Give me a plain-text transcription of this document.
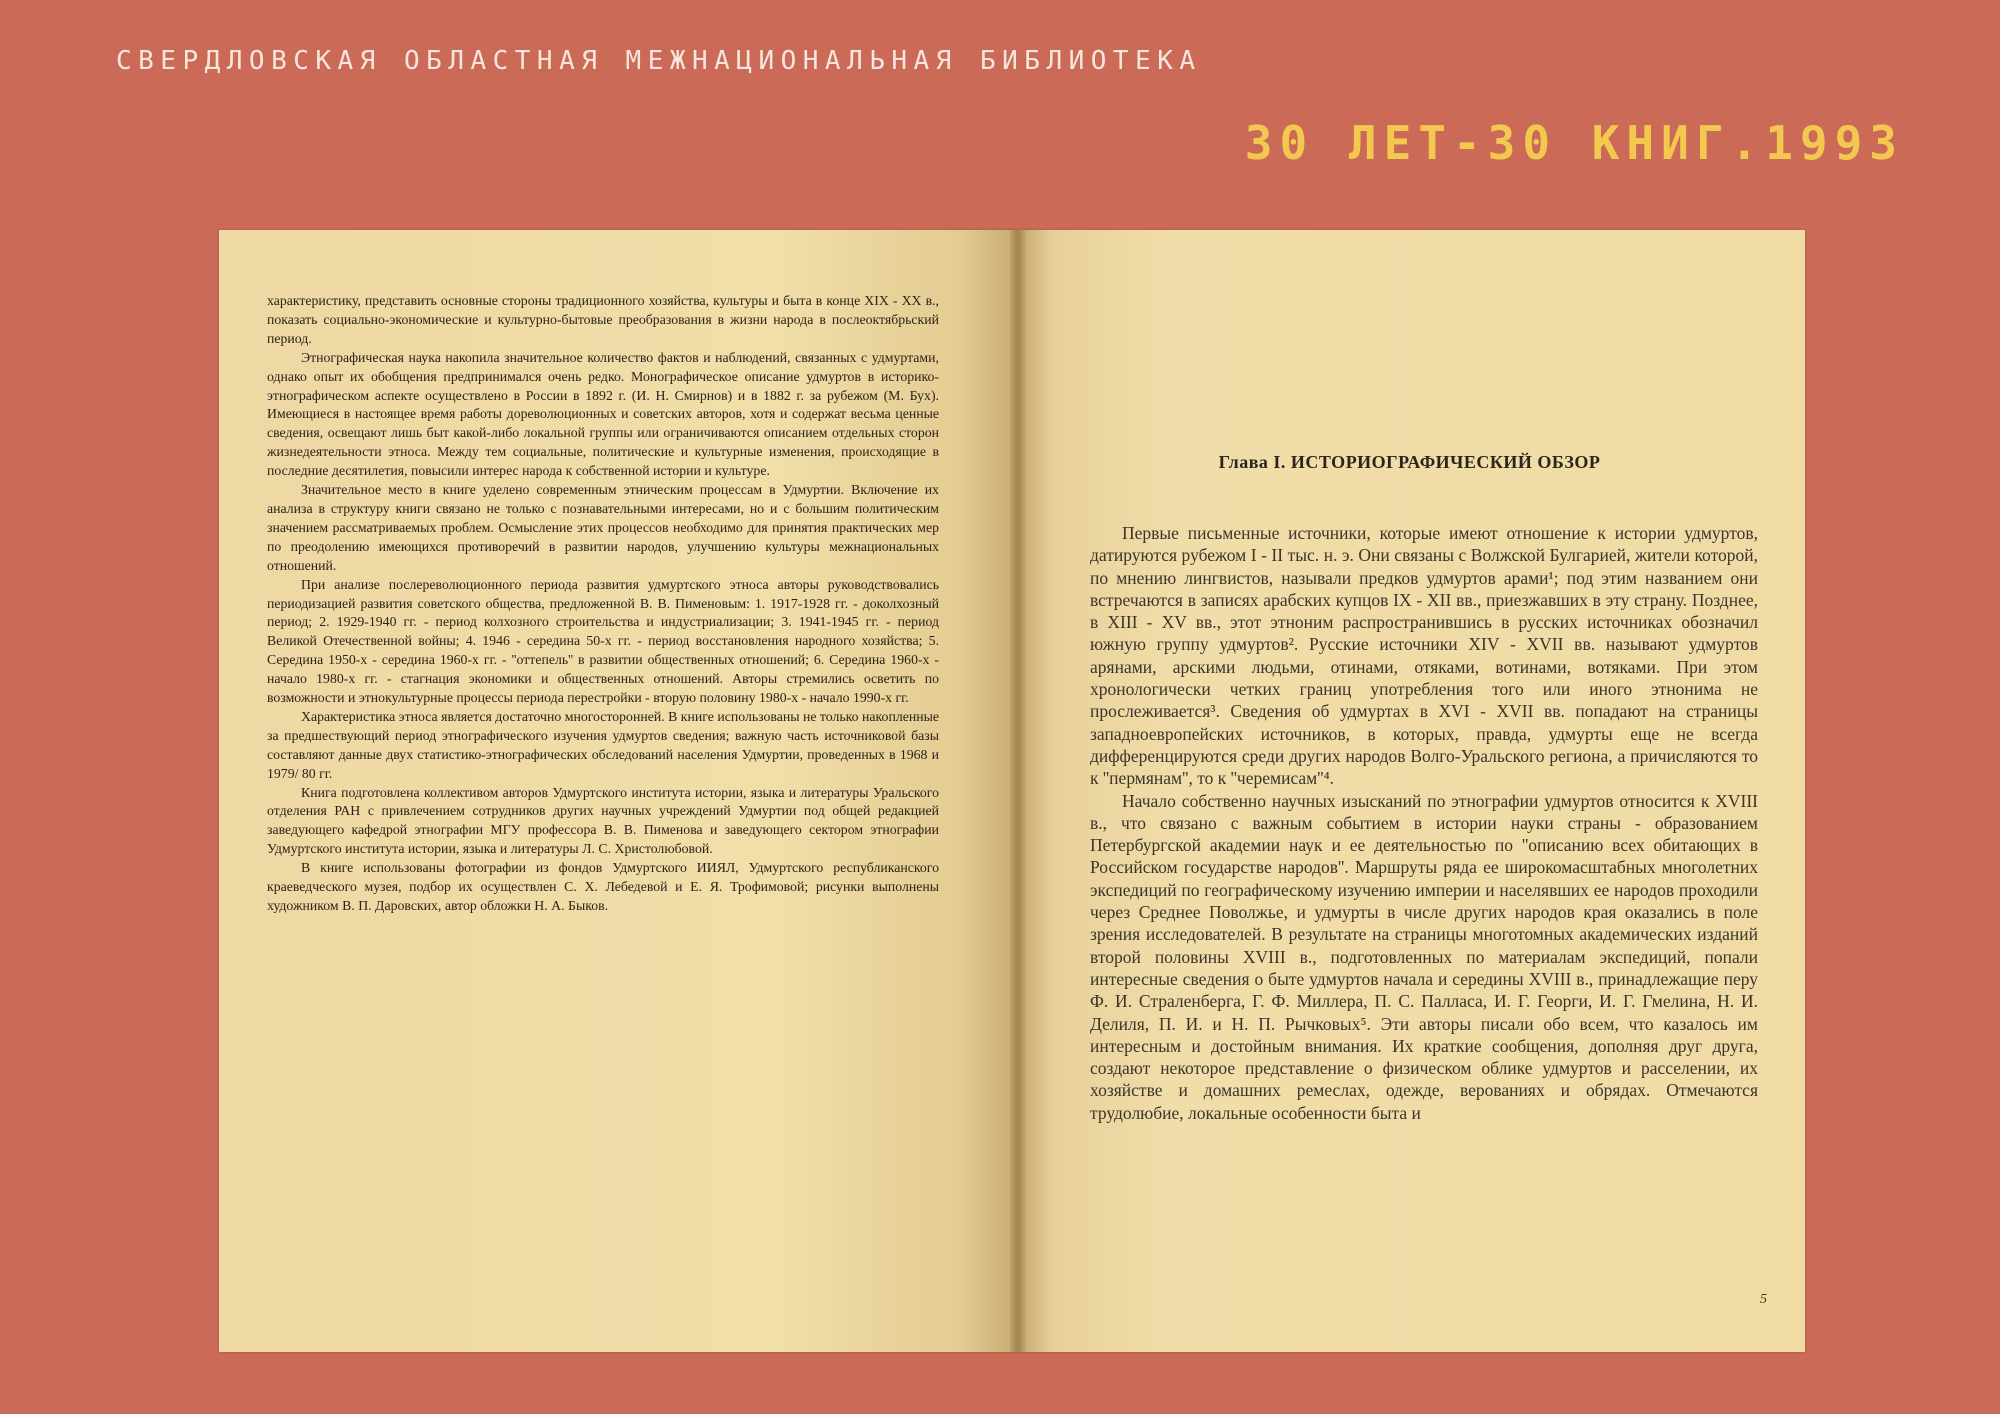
СВЕРДЛОВСКАЯ ОБЛАСТНАЯ МЕЖНАЦИОНАЛЬНАЯ БИБЛИОТЕКА
30 ЛЕТ-30 КНИГ.1993

характеристику, представить основные стороны традиционного хозяйства, культуры и быта в конце XIX - XX в., показать социально-экономические и культурно-бытовые преобразования в жизни народа в послеоктябрьский период.

Этнографическая наука накопила значительное количество фактов и наблюдений, связанных с удмуртами, однако опыт их обобщения предпринимался очень редко. Монографическое описание удмуртов в историко-этнографическом аспекте осуществлено в России в 1892 г. (И. Н. Смирнов) и в 1882 г. за рубежом (М. Бух). Имеющиеся в настоящее время работы дореволюционных и советских авторов, хотя и содержат весьма ценные сведения, освещают лишь быт какой-либо локальной группы или ограничиваются описанием отдельных сторон жизнедеятельности этноса. Между тем социальные, политические и культурные изменения, происходящие в последние десятилетия, повысили интерес народа к собственной истории и культуре.

Значительное место в книге уделено современным этническим процессам в Удмуртии. Включение их анализа в структуру книги связано не только с познавательными интересами, но и с большим политическим значением рассматриваемых проблем. Осмысление этих процессов необходимо для принятия практических мер по преодолению имеющихся противоречий в развитии народов, улучшению культуры межнациональных отношений.

При анализе послереволюционного периода развития удмуртского этноса авторы руководствовались периодизацией развития советского общества, предложенной В. В. Пименовым: 1. 1917-1928 гг. - доколхозный период; 2. 1929-1940 гг. - период колхозного строительства и индустриализации; 3. 1941-1945 гг. - период Великой Отечественной войны; 4. 1946 - середина 50-х гг. - период восстановления народного хозяйства; 5. Середина 1950-х - середина 1960-х гг. - ''оттепель'' в развитии общественных отношений; 6. Середина 1960-х - начало 1980-х гг. - стагнация экономики и общественных отношений. Авторы стремились осветить по возможности и этнокультурные процессы периода перестройки - вторую половину 1980-х - начало 1990-х гг.

Характеристика этноса является достаточно многосторонней. В книге использованы не только накопленные за предшествующий период этнографического изучения удмуртов сведения; важную часть источниковой базы составляют данные двух статистико-этнографических обследований населения Удмуртии, проведенных в 1968 и 1979/ 80 гг.

Книга подготовлена коллективом авторов Удмуртского института истории, языка и литературы Уральского отделения РАН с привлечением сотрудников других научных учреждений Удмуртии под общей редакцией заведующего кафедрой этнографии МГУ профессора В. В. Пименова и заведующего сектором этнографии Удмуртского института истории, языка и литературы Л. С. Христолюбовой.

В книге использованы фотографии из фондов Удмуртского ИИЯЛ, Удмуртского республиканского краеведческого музея, подбор их осуществлен С. Х. Лебедевой и Е. Я. Трофимовой; рисунки выполнены художником В. П. Даровских, автор обложки Н. А. Быков.

Глава I. ИСТОРИОГРАФИЧЕСКИЙ ОБЗОР

Первые письменные источники, которые имеют отношение к истории удмуртов, датируются рубежом I - II тыс. н. э. Они связаны с Волжской Булгарией, жители которой, по мнению лингвистов, называли предков удмуртов арами¹; под этим названием они встречаются в записях арабских купцов IX - XII вв., приезжавших в эту страну. Позднее, в XIII - XV вв., этот этноним распространившись в русских источниках обозначил южную группу удмуртов². Русские источники XIV - XVII вв. называют удмуртов арянами, арскими людьми, отинами, отяками, вотинами, вотяками. При этом хронологически четких границ употребления того или иного этнонима не прослеживается³. Сведения об удмуртах в XVI - XVII вв. попадают на страницы западноевропейских источников, в которых, правда, удмурты еще не всегда дифференцируются среди других народов Волго-Уральского региона, а причисляются то к ''пермянам'', то к ''черемисам''⁴.

Начало собственно научных изысканий по этнографии удмуртов относится к XVIII в., что связано с важным событием в истории науки страны - образованием Петербургской академии наук и ее деятельностью по ''описанию всех обитающих в Российском государстве народов''. Маршруты ряда ее широкомасштабных многолетних экспедиций по географическому изучению империи и населявших ее народов проходили через Среднее Поволжье, и удмурты в числе других народов края оказались в поле зрения исследователей. В результате на страницы многотомных академических изданий второй половины XVIII в., подготовленных по материалам экспедиций, попали интересные сведения о быте удмуртов начала и середины XVIII в., принадлежащие перу Ф. И. Страленберга, Г. Ф. Миллера, П. С. Палласа, И. Г. Георги, И. Г. Гмелина, Н. И. Делиля, П. И. и Н. П. Рычковых⁵. Эти авторы писали обо всем, что казалось им интересным и достойным внимания. Их краткие сообщения, дополняя друг друга, создают некоторое представление о физическом облике удмуртов и расселении, их хозяйстве и домашних ремеслах, одежде, верованиях и обрядах. Отмечаются трудолюбие, локальные особенности быта и

5
